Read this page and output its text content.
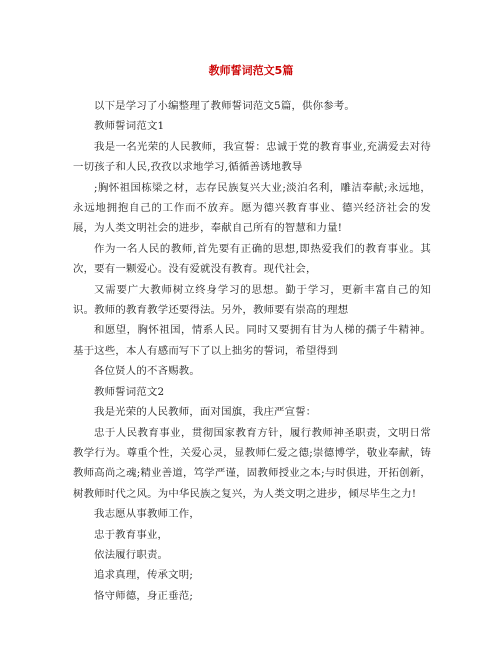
教师誓词范文5篇

以下是学习了小编整理了教师誓词范文5篇，供你参考。

教师誓词范文1

我是一名光荣的人民教师，我宣誓：忠诚于党的教育事业,充满爱去对待一切孩子和人民,孜孜以求地学习,循循善诱地教导

;胸怀祖国栋梁之材，志存民族复兴大业;淡泊名利，雕洁奉献;永远地，永远地拥抱自己的工作而不放弃。愿为德兴教育事业、德兴经济社会的发展，为人类文明社会的进步，奉献自己所有的智慧和力量!

作为一名人民的教师,首先要有正确的思想,即热爱我们的教育事业。其次，要有一颗爱心。没有爱就没有教育。现代社会，

又需要广大教师树立终身学习的思想。勤于学习，更新丰富自己的知识。教师的教育教学还要得法。另外，教师要有崇高的理想

和愿望，胸怀祖国，情系人民。同时又要拥有甘为人梯的孺子牛精神。基于这些，本人有感而写下了以上拙劣的誓词，希望得到

各位贤人的不吝赐教。

教师誓词范文2

我是光荣的人民教师，面对国旗，我庄严宣誓：

忠于人民教育事业，贯彻国家教育方针，履行教师神圣职责，文明日常教学行为。尊重个性，关爱心灵，显教师仁爱之德;崇德博学，敬业奉献，铸教师高尚之魂;精业善道，笃学严谨，固教师授业之本;与时俱进，开拓创新，树教师时代之风。为中华民族之复兴，为人类文明之进步，倾尽毕生之力!

我志愿从事教师工作，

忠于教育事业，

依法履行职责。

追求真理，传承文明;

恪守师德，身正垂范;
